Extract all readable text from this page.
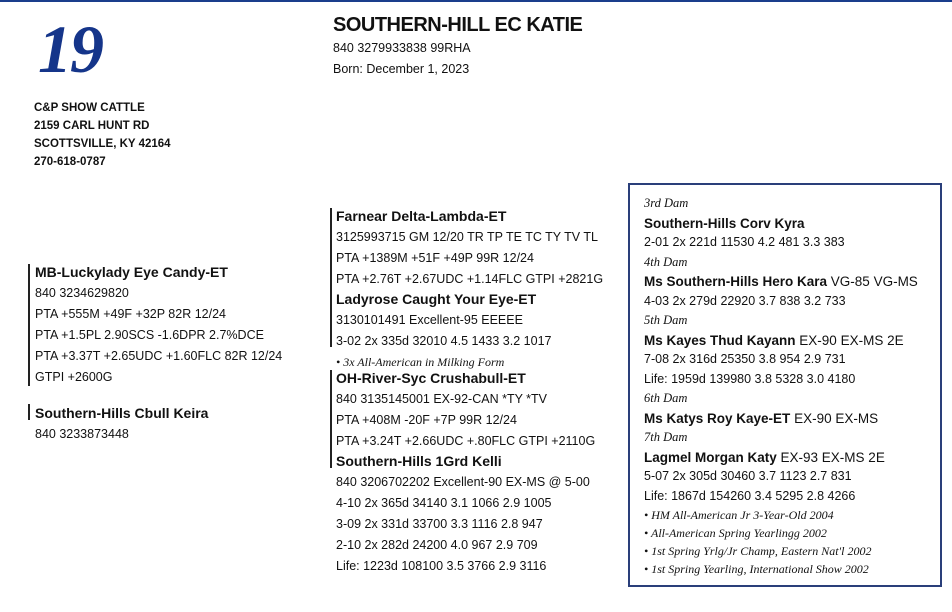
19
C&P SHOW CATTLE
2159 CARL HUNT RD
SCOTTSVILLE, KY 42164
270-618-0787
SOUTHERN-HILL EC KATIE
840 3279933838 99RHA
Born: December 1, 2023
Farnear Delta-Lambda-ET
3125993715 GM 12/20 TR TP TE TC TY TV TL
PTA +1389M +51F +49P 99R 12/24
PTA +2.76T +2.67UDC +1.14FLC GTPI +2821G
Ladyrose Caught Your Eye-ET
3130101491 Excellent-95 EEEEE
3-02 2x 335d 32010 4.5 1433 3.2 1017
• 3x All-American in Milking Form
OH-River-Syc Crushabull-ET
840 3135145001 EX-92-CAN *TY *TV
PTA +408M -20F +7P 99R 12/24
PTA +3.24T +2.66UDC +.80FLC GTPI +2110G
Southern-Hills 1Grd Kelli
840 3206702202 Excellent-90 EX-MS @ 5-00
4-10 2x 365d 34140 3.1 1066 2.9 1005
3-09 2x 331d 33700 3.3 1116 2.8 947
2-10 2x 282d 24200 4.0 967 2.9 709
Life: 1223d 108100 3.5 3766 2.9 3116
MB-Luckylady Eye Candy-ET
840 3234629820
PTA +555M +49F +32P 82R 12/24
PTA +1.5PL 2.90SCS -1.6DPR 2.7%DCE
PTA +3.37T +2.65UDC +1.60FLC 82R 12/24
GTPI +2600G
Southern-Hills Cbull Keira
840 3233873448
3rd Dam
Southern-Hills Corv Kyra
2-01 2x 221d 11530 4.2 481 3.3 383
4th Dam
Ms Southern-Hills Hero Kara VG-85 VG-MS
4-03 2x 279d 22920 3.7 838 3.2 733
5th Dam
Ms Kayes Thud Kayann EX-90 EX-MS 2E
7-08 2x 316d 25350 3.8 954 2.9 731
Life: 1959d 139980 3.8 5328 3.0 4180
6th Dam
Ms Katys Roy Kaye-ET EX-90 EX-MS
7th Dam
Lagmel Morgan Katy EX-93 EX-MS 2E
5-07 2x 305d 30460 3.7 1123 2.7 831
Life: 1867d 154260 3.4 5295 2.8 4266
• HM All-American Jr 3-Year-Old 2004
• All-American Spring Yearlingg 2002
• 1st Spring Yrlg/Jr Champ, Eastern Nat'l 2002
• 1st Spring Yearling, International Show 2002
